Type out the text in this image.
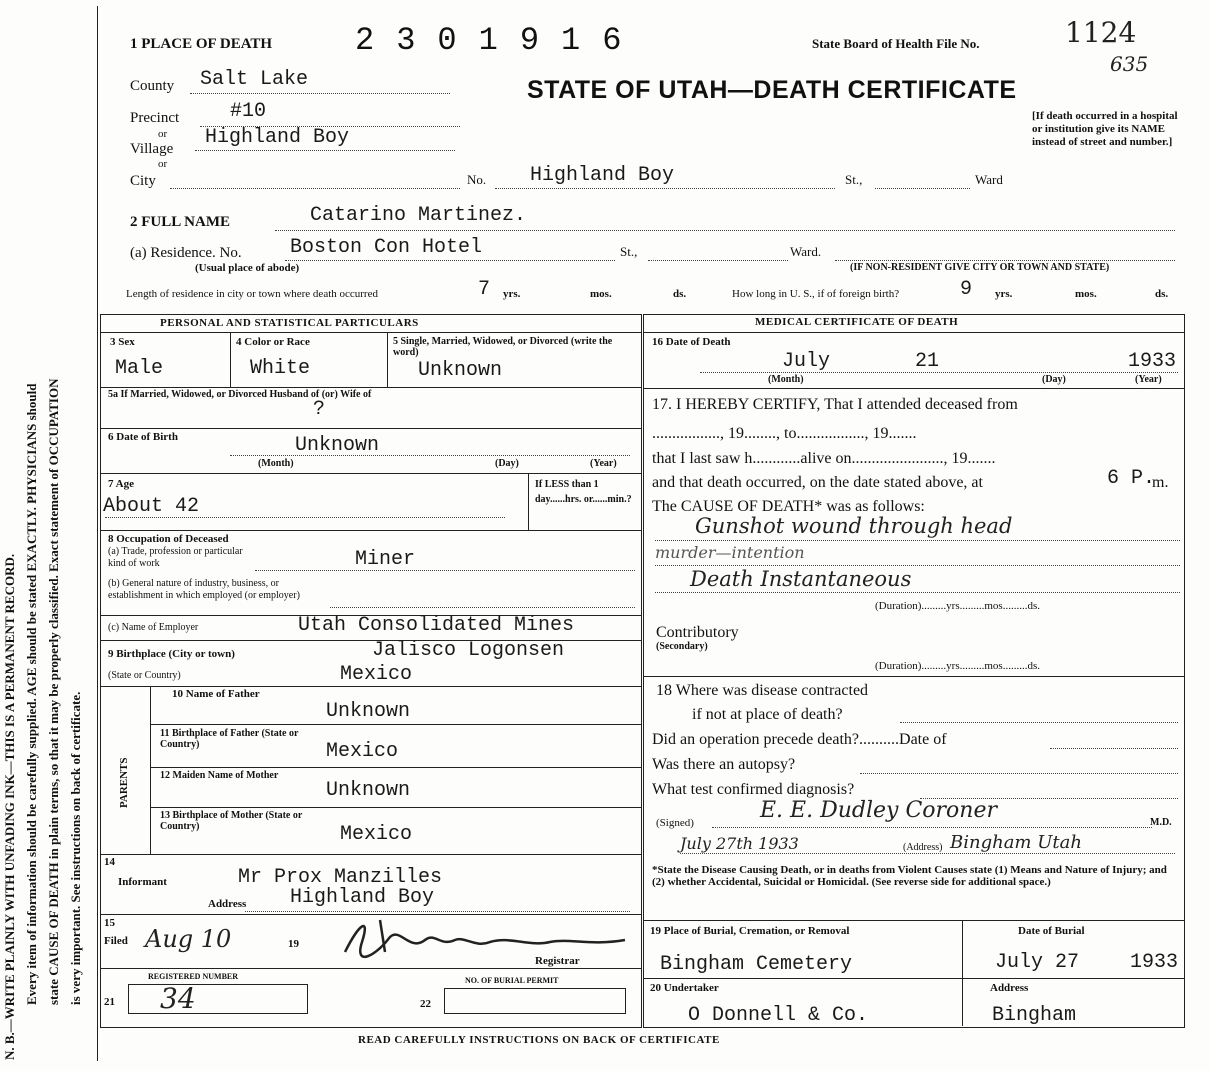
N. B.—WRITE PLAINLY WITH UNFADING INK—THIS IS A PERMANENT RECORD. Every item of information should be carefully supplied. AGE should be stated EXACTLY. PHYSICIANS should state CAUSE OF DEATH in plain terms, so that it may be properly classified. Exact statement of OCCUPATION is very important. See instructions on back of certificate.
1 PLACE OF DEATH	2301916	State Board of Health File No.	1124
635
STATE OF UTAH—DEATH CERTIFICATE
[If death occurred in a hospital or institution give its NAME instead of street and number.]
County Salt Lake
Precinct	#10
or
Village Highland Boy
or
City	No. Highland Boy	St.,	Ward
2 FULL NAME	Catarino Martinez.
(a) Residence. No. Boston Con Hotel	St.,	Ward.
(Usual place of abode)	(IF NON-RESIDENT GIVE CITY OR TOWN AND STATE)
Length of residence in city or town where death occurred	7 yrs.	mos.	ds.	How long in U. S., if of foreign birth?	9 yrs.	mos.	ds.
PERSONAL AND STATISTICAL PARTICULARS
3 Sex
Male
4 Color or Race
White
5 Single, Married, Widowed, or Divorced (write the word)
Unknown
5a If Married, Widowed, or Divorced Husband of (or) Wife of
?
6 Date of Birth	Unknown
(Month)	(Day)	(Year)
7 Age
About 42
If LESS than 1 day......hrs. or......min.?
8 Occupation of Deceased
(a) Trade, profession or particular kind of work	Miner
(b) General nature of industry, business, or establishment in which employed (or employer)
(c) Name of Employer	Utah Consolidated Mines
9 Birthplace (City or town)	Jalisco Logonsen
(State or Country)	Mexico
PARENTS
10 Name of Father
Unknown
11 Birthplace of Father (State or Country)	Mexico
12 Maiden Name of Mother
Unknown
13 Birthplace of Mother (State or Country)	Mexico
14
Informant	Mr Prox Manzilles
Address Highland Boy
15
Filed Aug 10	19
Registrar
REGISTERED NUMBER
21 34
NO. OF BURIAL PERMIT
22
MEDICAL CERTIFICATE OF DEATH
16 Date of Death
July	21	1933
(Month)	(Day)	(Year)
17. I HEREBY CERTIFY, That I attended deceased from
................., 19........, to................., 19.......
that I last saw h............alive on......................., 19.......
and that death occurred, on the date stated above, at	6 P.
m.
The CAUSE OF DEATH* was as follows:
Gunshot wound through head
murder—intention
Death Instantaneous
(Duration).........yrs.........mos.........ds.
Contributory
(Secondary)
(Duration).........yrs.........mos.........ds.
18 Where was disease contracted
if not at place of death?
Did an operation precede death?..........Date of
Was there an autopsy?
What test confirmed diagnosis?
(Signed)	E. E. Dudley Coroner	M.D.
July 27th 1933	(Address) Bingham Utah
*State the Disease Causing Death, or in deaths from Violent Causes state (1) Means and Nature of Injury; and (2) whether Accidental, Suicidal or Homicidal. (See reverse side for additional space.)
19 Place of Burial, Cremation, or Removal
Bingham Cemetery
Date of Burial
July 27	1933
20 Undertaker
O Donnell & Co.
Address
Bingham
READ CAREFULLY INSTRUCTIONS ON BACK OF CERTIFICATE
